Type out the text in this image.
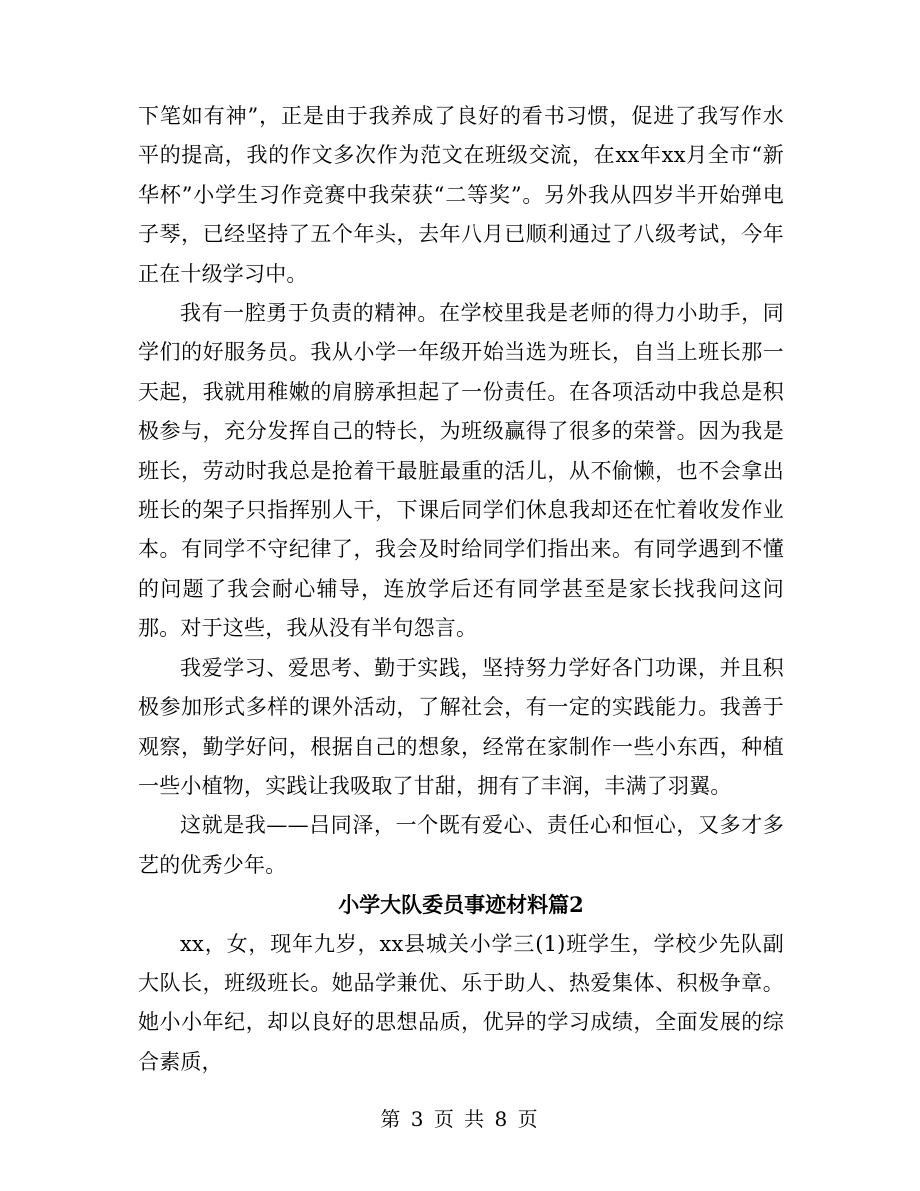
下笔如有神”，正是由于我养成了良好的看书习惯，促进了我写作水平的提高，我的作文多次作为范文在班级交流，在xx年xx月全市“新华杯”小学生习作竞赛中我荣获“二等奖”。另外我从四岁半开始弹电子琴，已经坚持了五个年头，去年八月已顺利通过了八级考试，今年正在十级学习中。

我有一腔勇于负责的精神。在学校里我是老师的得力小助手，同学们的好服务员。我从小学一年级开始当选为班长，自当上班长那一天起，我就用稚嫩的肩膀承担起了一份责任。在各项活动中我总是积极参与，充分发挥自己的特长，为班级赢得了很多的荣誉。因为我是班长，劳动时我总是抢着干最脏最重的活儿，从不偷懒，也不会拿出班长的架子只指挥别人干，下课后同学们休息我却还在忙着收发作业本。有同学不守纪律了，我会及时给同学们指出来。有同学遇到不懂的问题了我会耐心辅导，连放学后还有同学甚至是家长找我问这问那。对于这些，我从没有半句怨言。

我爱学习、爱思考、勤于实践，坚持努力学好各门功课，并且积极参加形式多样的课外活动，了解社会，有一定的实践能力。我善于观察，勤学好问，根据自己的想象，经常在家制作一些小东西，种植一些小植物，实践让我吸取了甘甜，拥有了丰润，丰满了羽翼。

这就是我——吕同泽，一个既有爱心、责任心和恒心，又多才多艺的优秀少年。

小学大队委员事迹材料篇2

xx，女，现年九岁，xx县城关小学三(1)班学生，学校少先队副大队长，班级班长。她品学兼优、乐于助人、热爱集体、积极争章。她小小年纪，却以良好的思想品质，优异的学习成绩，全面发展的综合素质，

第 3 页 共 8 页
